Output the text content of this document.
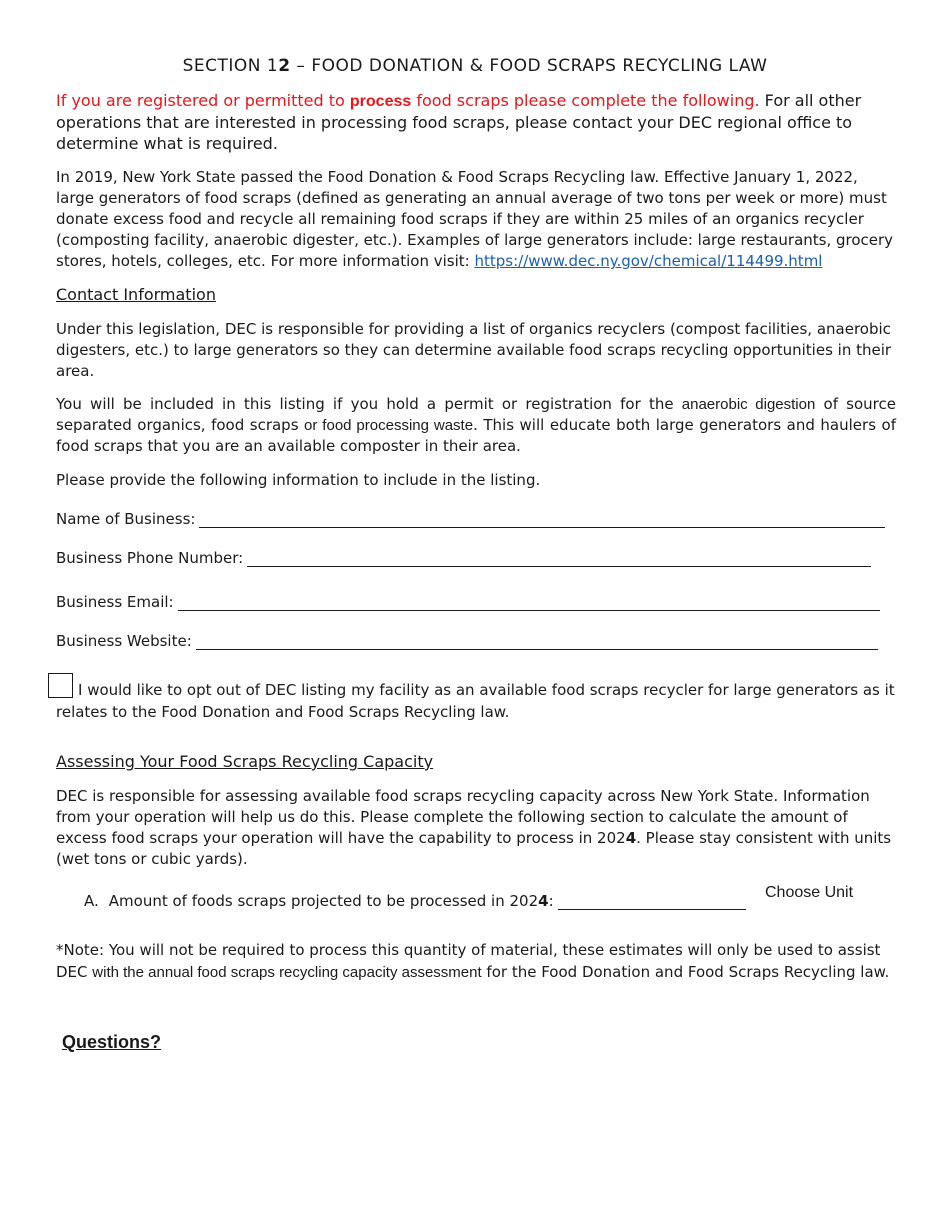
SECTION 12 – FOOD DONATION & FOOD SCRAPS RECYCLING LAW
If you are registered or permitted to process food scraps please complete the following. For all other operations that are interested in processing food scraps, please contact your DEC regional office to determine what is required.
In 2019, New York State passed the Food Donation & Food Scraps Recycling law. Effective January 1, 2022, large generators of food scraps (defined as generating an annual average of two tons per week or more) must donate excess food and recycle all remaining food scraps if they are within 25 miles of an organics recycler (composting facility, anaerobic digester, etc.). Examples of large generators include: large restaurants, grocery stores, hotels, colleges, etc. For more information visit: https://www.dec.ny.gov/chemical/114499.html
Contact Information
Under this legislation, DEC is responsible for providing a list of organics recyclers (compost facilities, anaerobic digesters, etc.) to large generators so they can determine available food scraps recycling opportunities in their area.
You will be included in this listing if you hold a permit or registration for the anaerobic digestion of source separated organics, food scraps or food processing waste. This will educate both large generators and haulers of food scraps that you are an available composter in their area.
Please provide the following information to include in the listing.
Name of Business:
Business Phone Number:
Business Email:
Business Website:
I would like to opt out of DEC listing my facility as an available food scraps recycler for large generators as it relates to the Food Donation and Food Scraps Recycling law.
Assessing Your Food Scraps Recycling Capacity
DEC is responsible for assessing available food scraps recycling capacity across New York State. Information from your operation will help us do this. Please complete the following section to calculate the amount of excess food scraps your operation will have the capability to process in 2024. Please stay consistent with units (wet tons or cubic yards).
A. Amount of foods scraps projected to be processed in 2024:	Choose Unit
*Note: You will not be required to process this quantity of material, these estimates will only be used to assist DEC with the annual food scraps recycling capacity assessment for the Food Donation and Food Scraps Recycling law.
Questions?
